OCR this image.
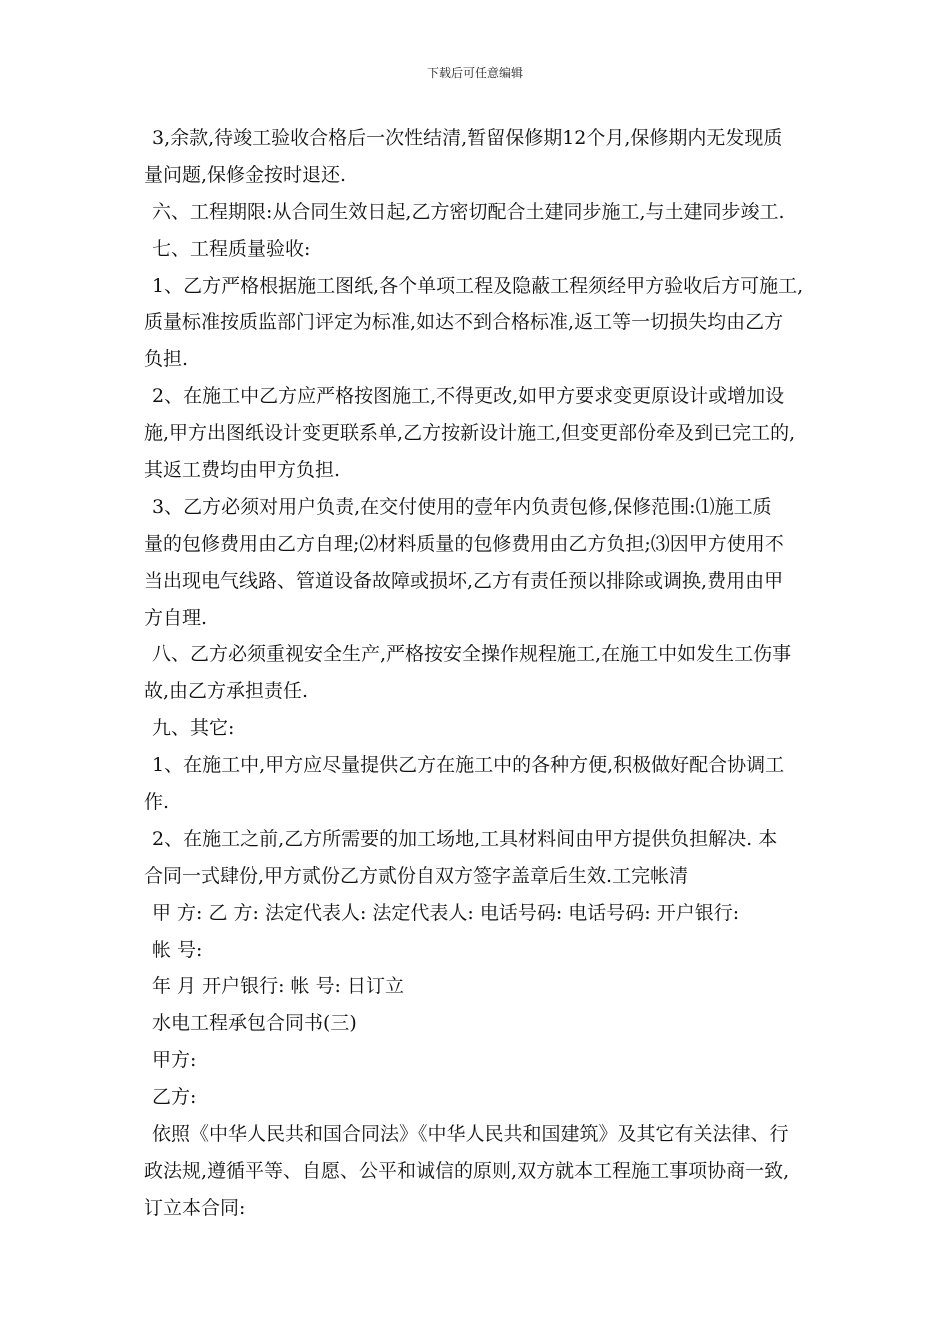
下载后可任意编辑
3,余款,待竣工验收合格后一次性结清,暂留保修期12个月,保修期内无发现质
量问题,保修金按时退还.
六、工程期限:从合同生效日起,乙方密切配合土建同步施工,与土建同步竣工.
七、工程质量验收:
1、乙方严格根据施工图纸,各个单项工程及隐蔽工程须经甲方验收后方可施工,
质量标准按质监部门评定为标准,如达不到合格标准,返工等一切损失均由乙方
负担.
2、在施工中乙方应严格按图施工,不得更改,如甲方要求变更原设计或增加设
施,甲方出图纸设计变更联系单,乙方按新设计施工,但变更部份牵及到已完工的,
其返工费均由甲方负担.
3、乙方必须对用户负责,在交付使用的壹年内负责包修,保修范围:⑴施工质
量的包修费用由乙方自理;⑵材料质量的包修费用由乙方负担;⑶因甲方使用不
当出现电气线路、管道设备故障或损坏,乙方有责任预以排除或调换,费用由甲
方自理.
八、乙方必须重视安全生产,严格按安全操作规程施工,在施工中如发生工伤事
故,由乙方承担责任.
九、其它:
1、在施工中,甲方应尽量提供乙方在施工中的各种方便,积极做好配合协调工
作.
2、在施工之前,乙方所需要的加工场地,工具材料间由甲方提供负担解决. 本
合同一式肆份,甲方贰份乙方贰份自双方签字盖章后生效.工完帐清
甲 方: 乙 方: 法定代表人: 法定代表人: 电话号码: 电话号码: 开户银行:
帐 号:
年 月 开户银行: 帐 号: 日订立
水电工程承包合同书(三)
甲方:
乙方:
依照《中华人民共和国合同法》《中华人民共和国建筑》及其它有关法律、行
政法规,遵循平等、自愿、公平和诚信的原则,双方就本工程施工事项协商一致,
订立本合同:
